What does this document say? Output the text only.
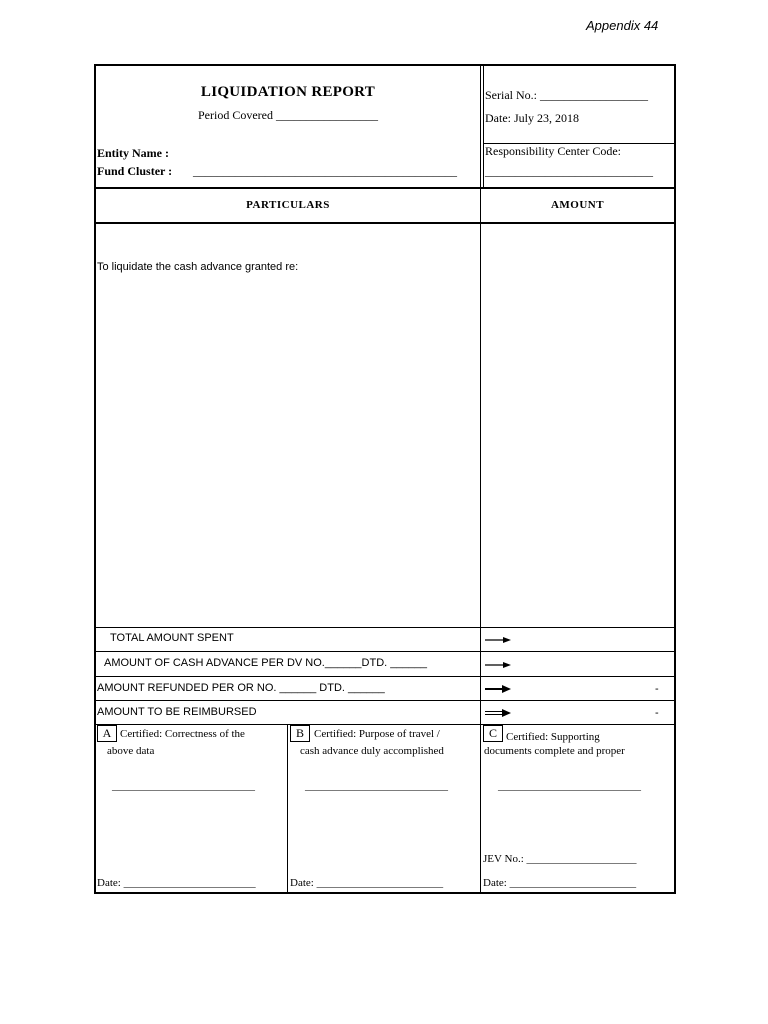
Appendix 44
LIQUIDATION REPORT
Period Covered _________________
Entity Name :
Fund Cluster : ____________________________________________
Serial No.: __________________
Date: July 23, 2018
Responsibility Center Code:
____________________________
PARTICULARS	AMOUNT
To liquidate the cash advance granted re:
TOTAL AMOUNT SPENT
AMOUNT OF CASH ADVANCE PER DV NO.______DTD. ______
AMOUNT REFUNDED PER OR NO. ______ DTD. ______	-
AMOUNT TO BE REIMBURSED	-
A Certified: Correctness of the
above data
__________________________
Date: ________________________
B Certified: Purpose of travel /
cash advance duly accomplished
__________________________
Date: _______________________
C Certified: Supporting
documents complete and proper
__________________________
JEV No.: ____________________
Date: _______________________
